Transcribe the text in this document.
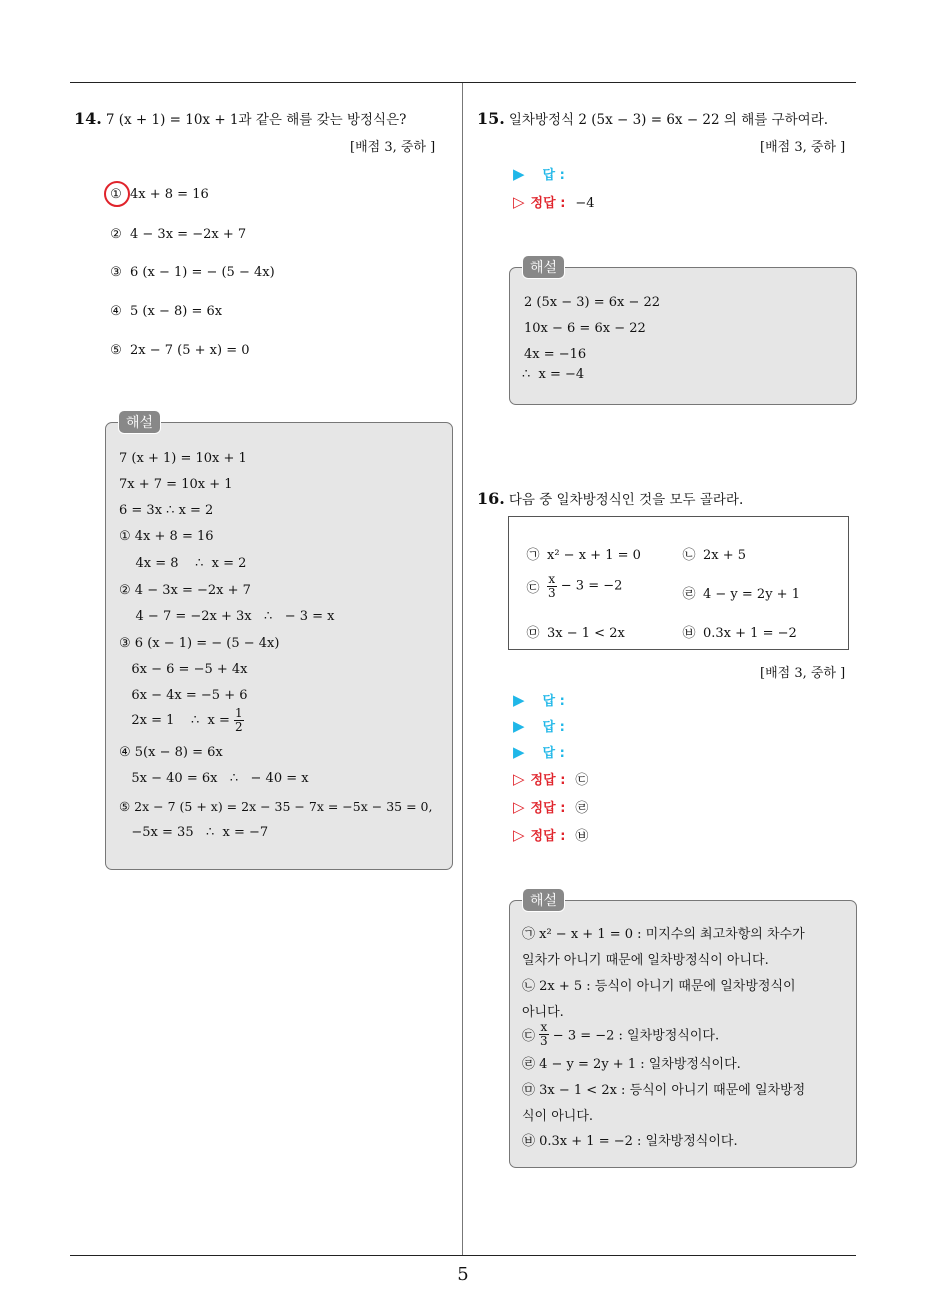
14. 7 (x + 1) = 10x + 1과 같은 해를 갖는 방정식은?
[배점 3, 중하 ]
① 4x + 8 = 16
② 4 − 3x = −2x + 7
③ 6 (x − 1) = − (5 − 4x)
④ 5 (x − 8) = 6x
⑤ 2x − 7 (5 + x) = 0
해설
7 (x + 1) = 10x + 1
7x + 7 = 10x + 1
6 = 3x ∴ x = 2
① 4x + 8 = 16
4x = 8    ∴  x = 2
② 4 − 3x = −2x + 7
4 − 7 = −2x + 3x   ∴   − 3 = x
③ 6 (x − 1) = − (5 − 4x)
6x − 6 = −5 + 4x
6x − 4x = −5 + 6
2x = 1    ∴  $x = \frac{1}{2}$
④ 5(x − 8) = 6x
5x − 40 = 6x   ∴   − 40 = x
⑤ 2x − 7 (5 + x) = 2x − 35 − 7x = −5x − 35 = 0,
−5x = 35   ∴  x = −7
15. 일차방정식 2 (5x − 3) = 6x − 22 의 해를 구하여라.
[배점 3, 중하 ]
▶ 답 :
▷ 정답 : −4
해설
2 (5x − 3) = 6x − 22
10x − 6 = 6x − 22
4x = −16
∴  x = −4
16. 다음 중 일차방정식인 것을 모두 골라라.
㉠ x² − x + 1 = 0	㉡ 2x + 5
㉢ $\frac{x}{3} - 3 = -2$
㉣ 4 − y = 2y + 1
㉤ 3x − 1 < 2x	㉥ 0.3x + 1 = −2
[배점 3, 중하 ]
▶ 답 :
▶ 답 :
▶ 답 :
▷ 정답 : ㉢
▷ 정답 : ㉣
▷ 정답 : ㉥
해설
㉠ x² − x + 1 = 0 : 미지수의 최고차항의 차수가
일차가 아니기 때문에 일차방정식이 아니다.
㉡ 2x + 5 : 등식이 아니기 때문에 일차방정식이
아니다.
㉢ $\frac{x}{3} - 3 = -2$ : 일차방정식이다.
㉣ 4 − y = 2y + 1 : 일차방정식이다.
㉤ 3x − 1 < 2x : 등식이 아니기 때문에 일차방정
식이 아니다.
㉥ 0.3x + 1 = −2 : 일차방정식이다.
5
